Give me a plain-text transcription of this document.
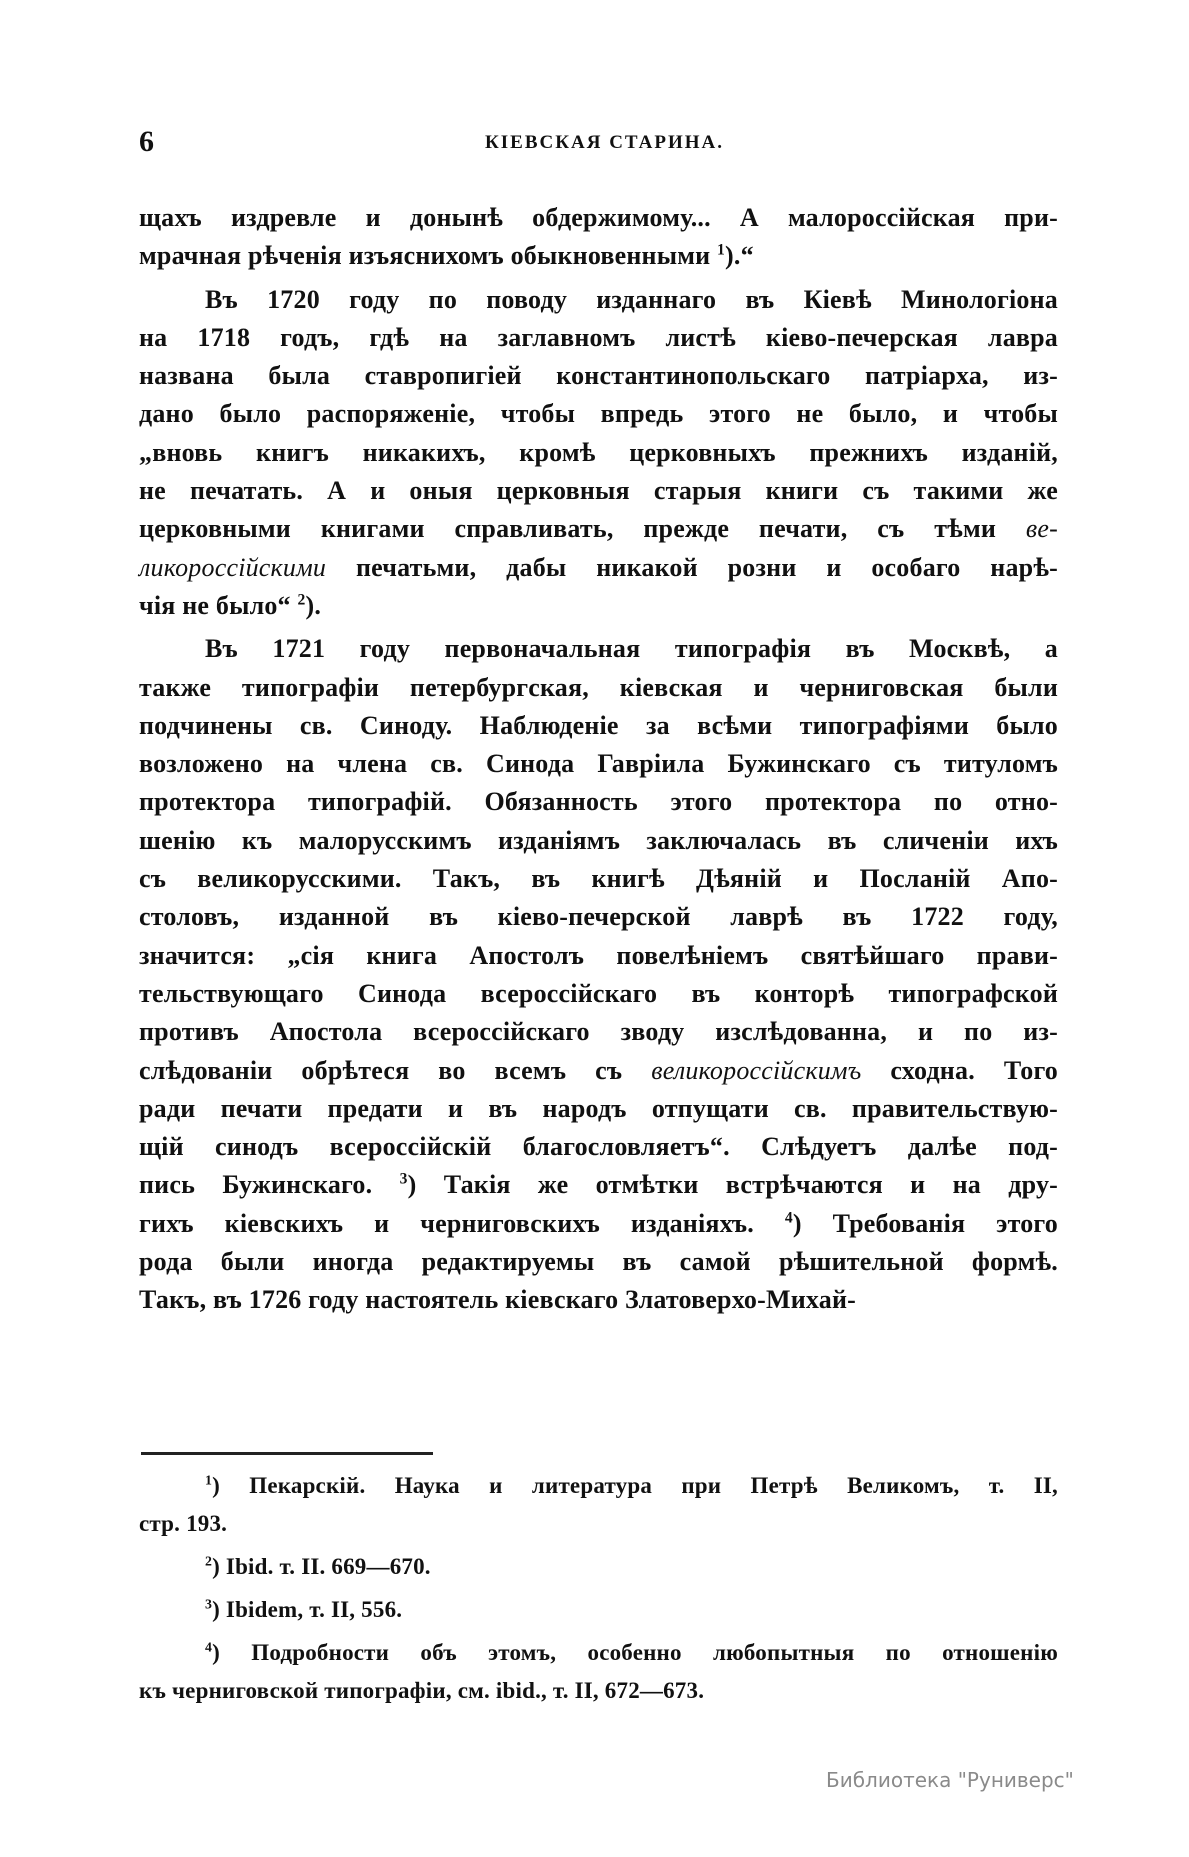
6	КІЕВСКАЯ СТАРИНА.
щахъ издревле и донынѣ обдержимому... А малороссійская при-
мрачная рѣченія изъяснихомъ обыкновенными $^1$).“
Въ 1720 году по поводу изданнаго въ Кіевѣ Минологіона
на 1718 годъ, гдѣ на заглавномъ листѣ кіево-печерская лавра
названа была ставропигіей константинопольскаго патріарха, из-
дано было распоряженіе, чтобы впредь этого не было, и чтобы
„вновь книгъ никакихъ, кромѣ церковныхъ прежнихъ изданій,
не печатать. А и оныя церковныя старыя книги съ такими же
церковными книгами справливать, прежде печати, съ тѣми ве-
ликороссійскими печатьми, дабы никакой розни и особаго нарѣ-
чія не было“ $^2$).
Въ 1721 году первоначальная типографія въ Москвѣ, а
также типографіи петербургская, кіевская и черниговская были
подчинены св. Синоду. Наблюденіе за всѣми типографіями было
возложено на члена св. Синода Гавріила Бужинскаго съ титуломъ
протектора типографій. Обязанность этого протектора по отно-
шенію къ малорусскимъ изданіямъ заключалась въ сличеніи ихъ
съ великорусскими. Такъ, въ книгѣ Дѣяній и Посланій Апо-
столовъ, изданной въ кіево-печерской лаврѣ въ 1722 году,
значится: „сія книга Апостолъ повелѣніемъ святѣйшаго прави-
тельствующаго Синода всероссійскаго въ конторѣ типографской
противъ Апостола всероссійскаго зводу изслѣдованна, и по из-
слѣдованіи обрѣтеся во всемъ съ великороссійскимъ сходна. Того
ради печати предати и въ народъ отпущати св. правительствую-
щій синодъ всероссійскій благословляетъ“. Слѣдуетъ далѣе под-
пись Бужинскаго. $^3$) Такія же отмѣтки встрѣчаются и на дру-
гихъ кіевскихъ и черниговскихъ изданіяхъ. $^4$) Требованія этого
рода были иногда редактируемы въ самой рѣшительной формѣ.
Такъ, въ 1726 году настоятель кіевскаго Златоверхо-Михай-
$^1$) Пекарскій. Наука и литература при Петрѣ Великомъ, т. II,
стр. 193.
$^2$) Ibid. т. II. 669—670.
$^3$) Ibidem, т. II, 556.
$^4$) Подробности объ этомъ, особенно любопытныя по отношенію
къ черниговской типографіи, см. ibid., т. II, 672—673.
Библиотека "Руниверс"
